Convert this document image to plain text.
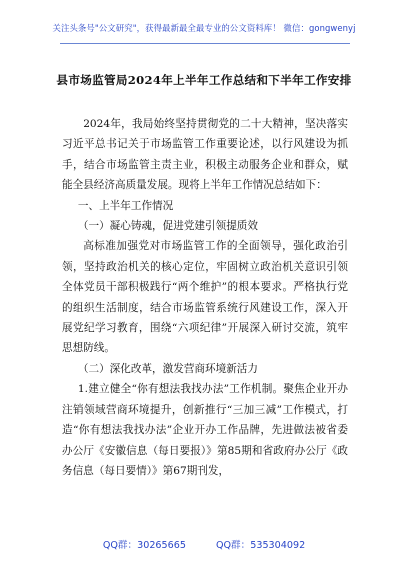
关注头条号"公文研究"，获得最新最全最专业的公文资料库！ 微信：gongwenyj
县市场监管局2024年上半年工作总结和下半年工作安排

2024年，我局始终坚持贯彻党的二十大精神，坚决落实习近平总书记关于市场监管工作重要论述，以行风建设为抓手，结合市场监管主责主业，积极主动服务企业和群众，赋能全县经济高质量发展。现将上半年工作情况总结如下：

一、上半年工作情况

（一）凝心铸魂，促进党建引领提质效

高标准加强党对市场监管工作的全面领导，强化政治引领，坚持政治机关的核心定位，牢固树立政治机关意识引领全体党员干部积极践行“两个维护”的根本要求。严格执行党的组织生活制度，结合市场监管系统行风建设工作，深入开展党纪学习教育，围绕“六项纪律”开展深入研讨交流，筑牢思想防线。

（二）深化改革，激发营商环境新活力

1.建立健全“你有想法我找办法”工作机制。聚焦企业开办注销领域营商环境提升，创新推行“三加三减”工作模式，打造“你有想法我找办法”企业开办工作品牌，先进做法被省委办公厅《安徽信息（每日要报）》第85期和省政府办公厅《政务信息（每日要情）》第67期刊发，

QQ群：30265665	QQ群：535304092
